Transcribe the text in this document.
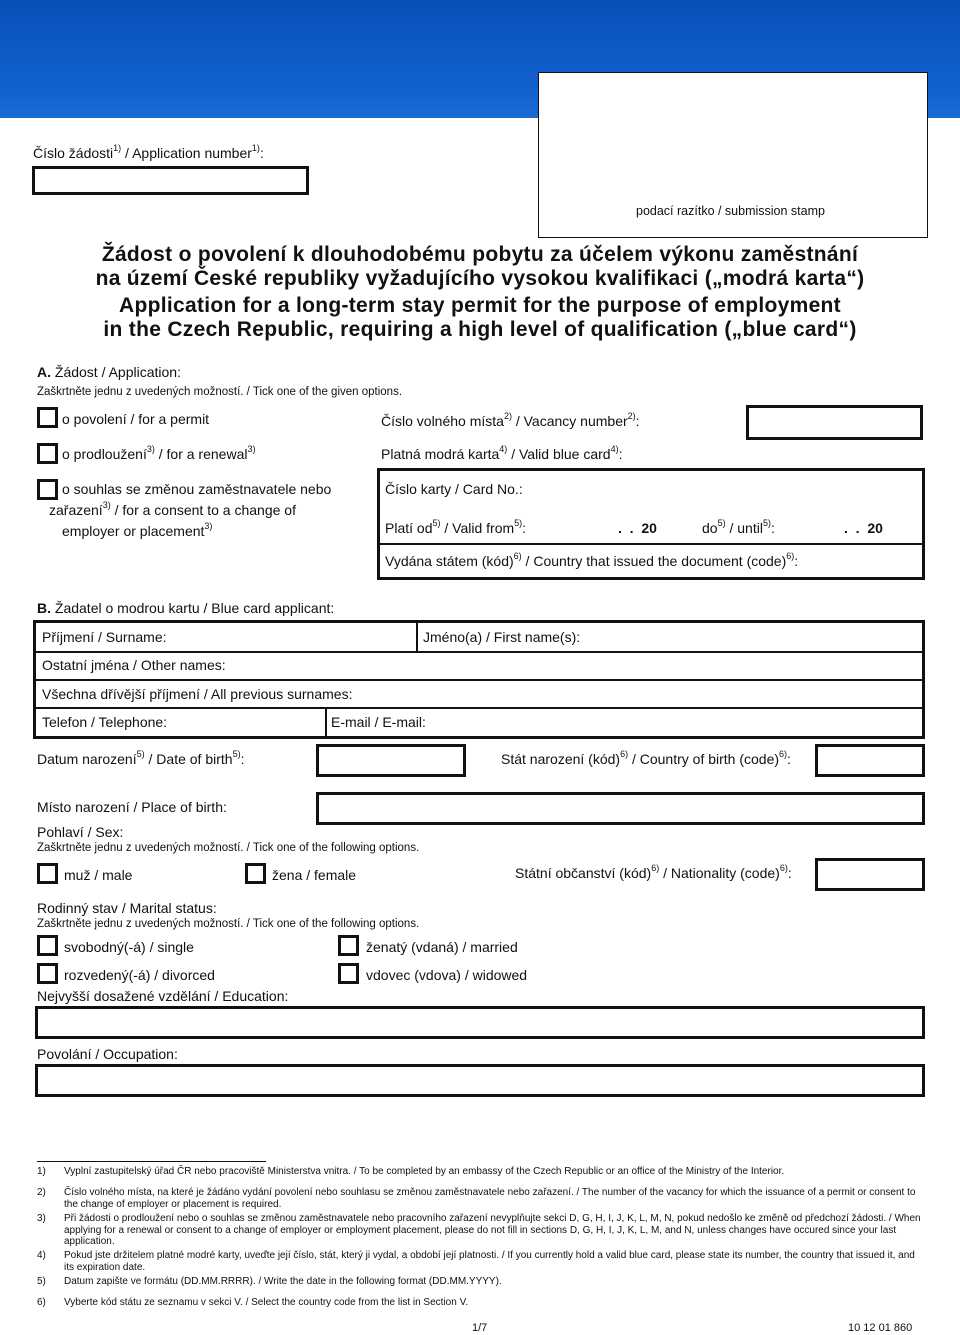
podací razítko / submission stamp
Číslo žádosti$^{1)}$ / Application number$^{1)}$:
Žádost o povolení k dlouhodobému pobytu za účelem výkonu zaměstnání
na území České republiky vyžadujícího vysokou kvalifikaci („modrá karta“)
Application for a long-term stay permit for the purpose of employment
in the Czech Republic, requiring a high level of qualification („blue card“)
A. Žádost / Application:
Zaškrtněte jednu z uvedených možností. / Tick one of the given options.
o povolení / for a permit
o prodloužení$^{3)}$ / for a renewal$^{3)}$
o souhlas se změnou zaměstnavatele nebo
zařazení$^{3)}$ / for a consent to a change of
employer or placement$^{3)}$
Číslo volného místa$^{2)}$ / Vacancy number$^{2)}$:
Platná modrá karta$^{4)}$ / Valid blue card$^{4)}$:
Číslo karty / Card No.:
Platí $od^{5)}$ / Valid from$^{5)}$:	.  .  20	$do^{5)}$ / until$^{5)}$:	.  .  20
Vydána státem (kód)$^{6)}$ / Country that issued the document (code)$^{6)}$:
B. Žadatel o modrou kartu / Blue card applicant:
Příjmení / Surname:	Jméno(a) / First name(s):
Ostatní jména / Other names:
Všechna dřívější příjmení / All previous surnames:
Telefon / Telephone:	E-mail / E-mail:
Datum narození$^{5)}$ / Date of birth$^{5)}$:	Stát narození (kód)$^{6)}$ / Country of birth (code)$^{6)}$:
Místo narození / Place of birth:
Pohlaví / Sex:
Zaškrtněte jednu z uvedených možností. / Tick one of the following options.
muž / male	žena / female	Státní občanství (kód)$^{6)}$ / Nationality (code)$^{6)}$:
Rodinný stav / Marital status:
Zaškrtněte jednu z uvedených možností. / Tick one of the following options.
svobodný(-á) / single	ženatý (vdaná) / married
rozvedený(-á) / divorced	vdovec (vdova) / widowed
Nejvyšší dosažené vzdělání / Education:
Povolání / Occupation:
1) Vyplní zastupitelský úřad ČR nebo pracoviště Ministerstva vnitra. / To be completed by an embassy of the Czech Republic or an office of the Ministry of the Interior.
2) Číslo volného místa, na které je žádáno vydání povolení nebo souhlasu se změnou zaměstnavatele nebo zařazení. / The number of the vacancy for which the issuance of a permit or consent to the change of employer or placement is required.
3) Při žádosti o prodloužení nebo o souhlas se změnou zaměstnavatele nebo pracovního zařazení nevyplňujte sekci D, G, H, I, J, K, L, M, N, pokud nedošlo ke změně od předchozí žádosti. / When applying for a renewal or consent to a change of employer or employment placement, please do not fill in sections D, G, H, I, J, K, L, M, and N, unless changes have occured since your last application.
4) Pokud jste držitelem platné modré karty, uveďte její číslo, stát, který ji vydal, a období její platnosti. / If you currently hold a valid blue card, please state its number, the country that issued it, and its expiration date.
5) Datum zapište ve formátu (DD.MM.RRRR). / Write the date in the following format (DD.MM.YYYY).
6) Vyberte kód státu ze seznamu v sekci V. / Select the country code from the list in Section V.
1/7	10 12 01 860
